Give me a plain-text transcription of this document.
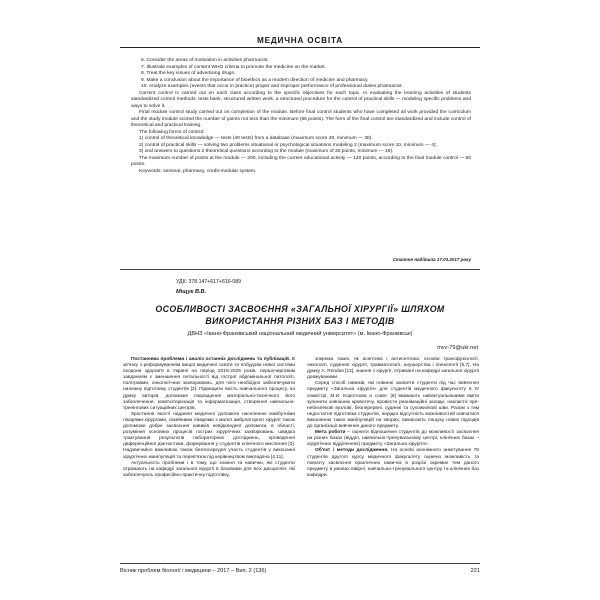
МЕДИЧНА ОСВІТА

6. Consider the areas of motivation in activities pharmacist.

7. Illustrate examples of content WHO criteria to promote the medicine on the market.

8. Treat the key issues of advertising drugs.

9. Make a conclusion about the importance of bioethics as a modern direction of medicine and pharmacy.

10. Analyze examples (events that occur in practice) proper and improper performance of professional duties pharmacist.

Current control is carried out on each class according to the specific objectives for each topic. In evaluating the learning activities of students standardized control methods: tests bank, structured written work, a structured procedure for the control of practical skills — modeling specific problems and ways to solve it.

Final module control study carried out on completion of the module. Before final control students who have completed all work provided the curriculum and the study module scored the number of points not less than the minimum (56 points). The form of the final control are standardized and include control of theoretical and practical training.

The following forms of control:

1) control of theoretical knowledge — tests (40 tests) from a database (maximum score 40, minimum — 30).

2) control of practical skills — solving two problems situational or psychological situations modeling 2 (maximum score 10, minimum — 4);

3) oral answers to questions 2 theoretical questions according to the module (maximum of 30 points, minimum — 16).

The maximum number of points at the module — 200, including the current educational activity — 120 points, according to the final module control — 80 points.

Keywords: seminar, pharmacy, credit-modular system.

Стаття надійшла 17.03.2017 року
УДК: 378.147+617+616-089
Міщук В.В.
ОСОБЛИВОСТІ ЗАСВОЄННЯ «ЗАГАЛЬНОЇ ХІРУРГІЇ» ШЛЯХОМ
ВИКОРИСТАННЯ РІЗНИХ БАЗ І МЕТОДІВ
ДВНЗ «Івано-Франківський національний медичний університет» (м. Івано-Франківськ)
mvv-79@ukr.net

Постановка проблеми і аналіз останніх досліджень та публікацій. В зв'язку з реформуванням вищої медичної освіти та побудови нової системи охорони здоров'я в Україні на період 2015-2025 років, першочерговим завданням є зменшення летальності від гострої абдомінальної патології, політравми, онкологічних захворювань, для чого необхідно забезпечувати належну підготовку студентів [2]. Підвищити якість навчального процесу, на думку авторів, допоможе покращення матеріально-технічного його забезпечення, комп'ютеризація та інформатизація, створення навчально-тренінгових ситуаційних центрів.

Зростання якості надання медичної допомоги населенню майбутніми лікарями-хірургами, сімейними лікарями з малої амбулаторної хірургії також допоможе добре засвоєння навиків невідкладної допомоги, в області, розуміння основних процесів гострих хірургічних захворювань, швидка трактування результатів лабораторних досліджень, проведення диференційної діагностики, формування у студентів клінічного мислення [3]. Надзвичайно важливою також безпосередня участь студентів у виконанні хірургічних маніпуляцій та перев'язок під керівництвом викладача [4,11].

Актуальність проблеми і в тому, що знання та навички, які студенти отримають на кафедрі загальної хірургії в базовими для всіх дисциплін, які забезпечують професійно-практичну підготовку,

зокрема таких, як асептика і антисептика, основи трансфузіології, онкології, судинної хірургії, травматології, анушерства і гінекології [5,7]. На думку A. Rendas [12], знання з хірургії, отримані на кафедрі загальної хірургії довжуваними.

Серед спосіб навиків, які повинні засвоїти студенти під час вивчення предмету «Загальна хірургія» для студентів медичного факультету в IV семестрі, М.И. Коротнова и соавт. [6] вважають найактуальнішими вміти зупинити зовнішню кровотечу, провести реанімаційні заходи, накласти пре-небезпекові вузлові, безперервні, судинні та сухожилкові шви. Разом з тим недостатня підготовка студентів, нерідко відсутність можливостей навчатися виконанню таких маніпуляцій на хворих, вимагають пошуку нових підходів до організації вивчення даного предмету.

Мета роботи – оцінити відношення студентів до можливості засвоєння на різних базах (відділ, навчально-тренувальному центрі, клінічних базах – хірургічних відділеннях) предмету «Загальна хірургія».

Об'єкт і методи дослідження. На основі анонімного анкетування 78 студентів другого курсу медичного факультету оцінено можливість та повноту засвоєння практичних навичок в розрізі окремих тем даного предмету в умовах вівірні, навчально-тренувального центру та клінічних баз кафедри.

Вісник проблем біології і медицини – 2017 – Вип. 2 (136)	221
